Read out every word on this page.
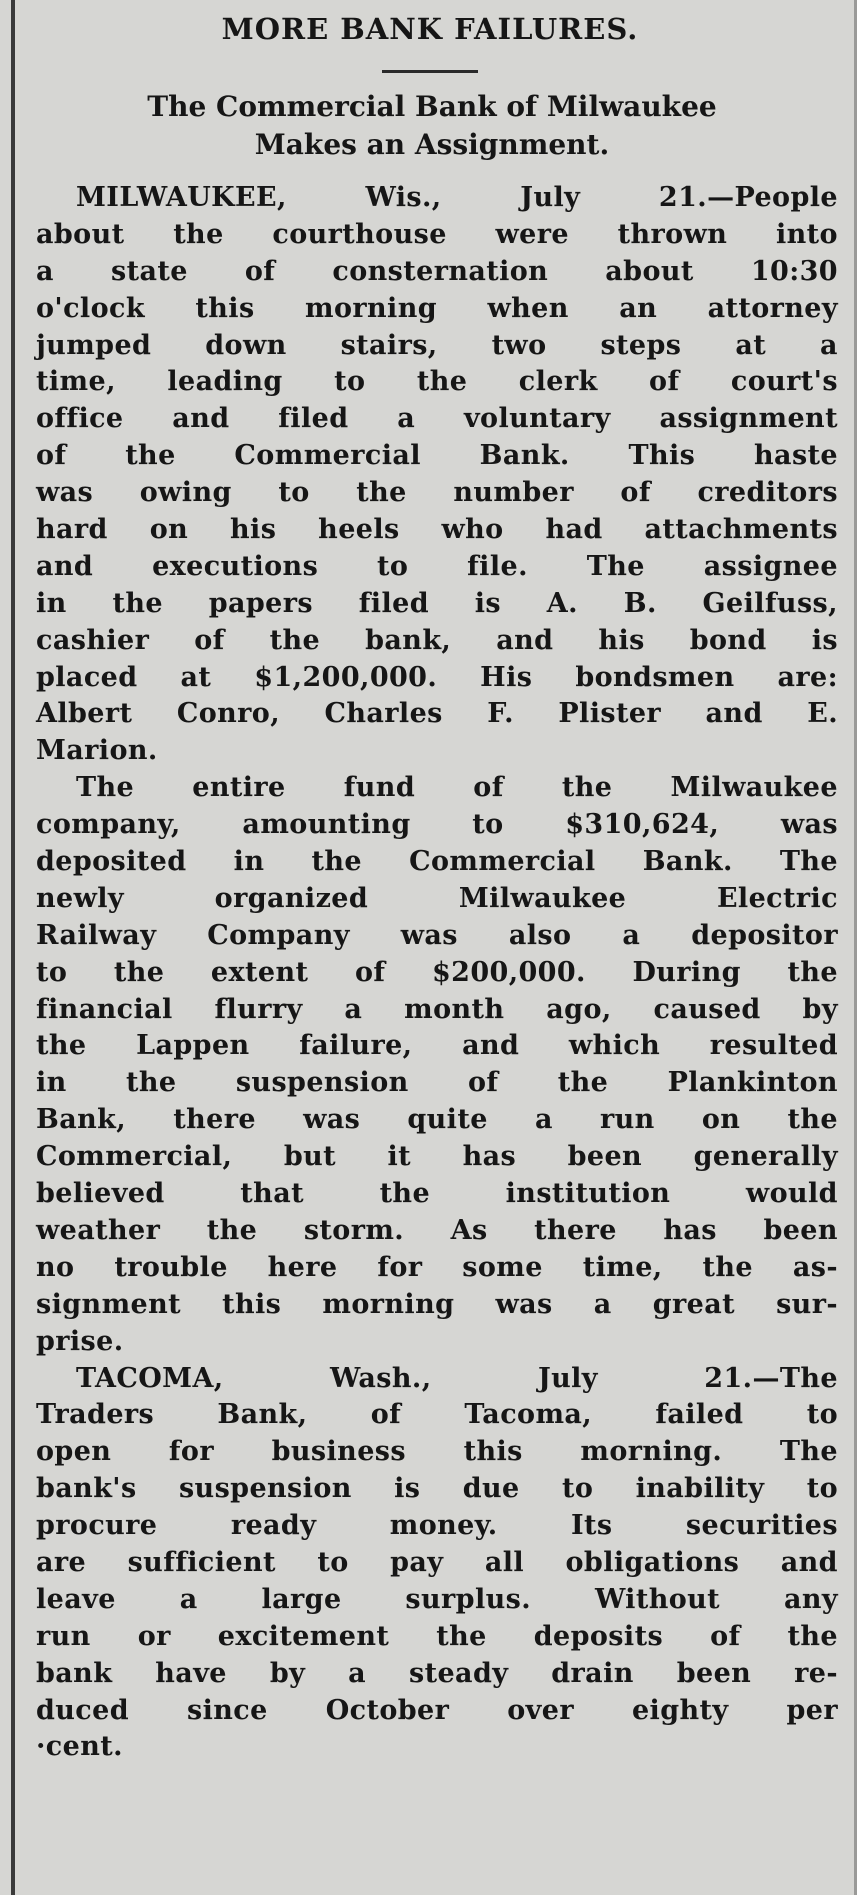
MORE BANK FAILURES.
The Commercial Bank of Milwaukee
Makes an Assignment.
MILWAUKEE,	Wis.,	July	21.—People
about the courthouse were thrown into
a state of consternation about 10:30
o'clock this morning when an attorney
jumped down stairs, two steps at a
time, leading to the clerk of court's
office and filed a voluntary assignment
of the Commercial Bank. This haste
was owing to the number of creditors
hard on his heels who had attachments
and executions to file. The assignee
in the papers filed is A. B. Geilfuss,
cashier of the bank, and his bond is
placed at $1,200,000. His bondsmen are:
Albert Conro, Charles F. Plister and E.
Marion.
The entire fund of the Milwaukee
company, amounting to $310,624, was
deposited in the Commercial Bank. The
newly	organized	Milwaukee	Electric
Railway Company was also a depositor
to the extent of $200,000. During the
financial flurry a month ago, caused by
the Lappen failure, and which resulted
in the suspension of the Plankinton
Bank, there was quite a run on the
Commercial, but it has been generally
believed	that	the	institution	would
weather the storm. As there has been
no trouble here for some time, the as-
signment this morning was a great sur-
prise.
TACOMA,	Wash.,	July	21.—The
Traders Bank, of Tacoma, failed to
open for business this morning. The
bank's suspension is due to inability to
procure	ready	money.	Its	securities
are sufficient to pay all obligations and
leave a large surplus. Without any
run or excitement the deposits of the
bank have by a steady drain been re-
duced since October over eighty per
·cent.
